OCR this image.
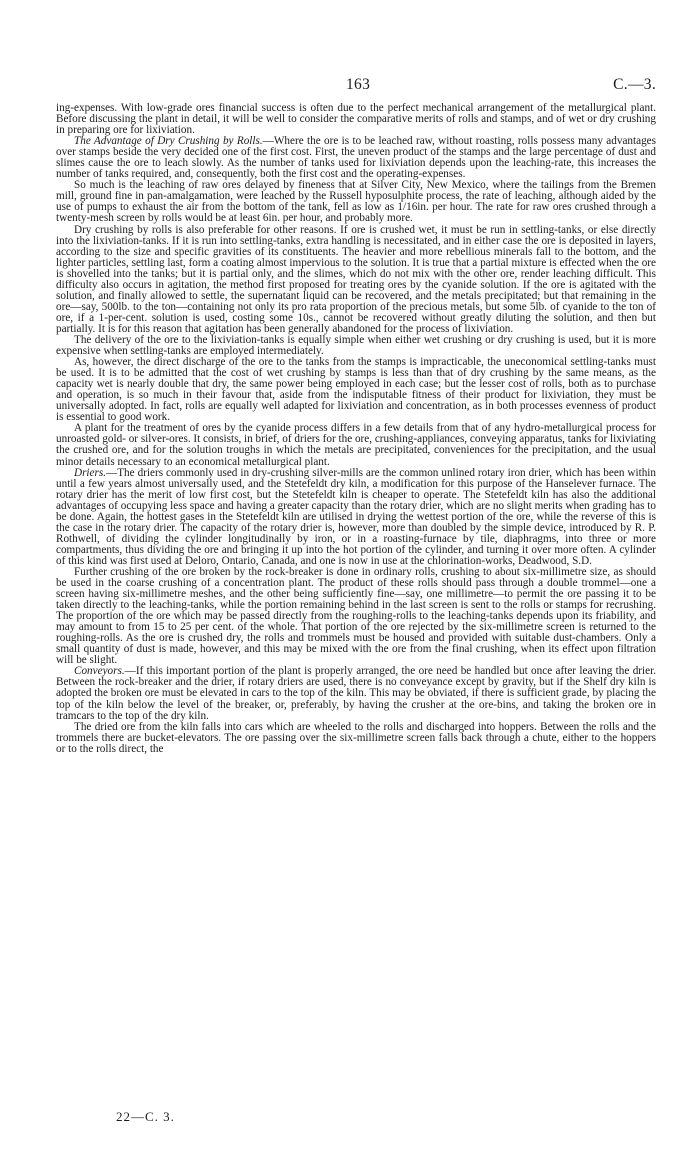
163	C.—3.

ing-expenses. With low-grade ores financial success is often due to the perfect mechanical arrangement of the metallurgical plant. Before discussing the plant in detail, it will be well to consider the comparative merits of rolls and stamps, and of wet or dry crushing in preparing ore for lixiviation.

The Advantage of Dry Crushing by Rolls.—Where the ore is to be leached raw, without roasting, rolls possess many advantages over stamps beside the very decided one of the first cost. First, the uneven product of the stamps and the large percentage of dust and slimes cause the ore to leach slowly. As the number of tanks used for lixiviation depends upon the leaching-rate, this increases the number of tanks required, and, consequently, both the first cost and the operating-expenses.

So much is the leaching of raw ores delayed by fineness that at Silver City, New Mexico, where the tailings from the Bremen mill, ground fine in pan-amalgamation, were leached by the Russell hyposulphite process, the rate of leaching, although aided by the use of pumps to exhaust the air from the bottom of the tank, fell as low as 1/16in. per hour. The rate for raw ores crushed through a twenty-mesh screen by rolls would be at least 6in. per hour, and probably more.

Dry crushing by rolls is also preferable for other reasons. If ore is crushed wet, it must be run in settling-tanks, or else directly into the lixiviation-tanks. If it is run into settling-tanks, extra handling is necessitated, and in either case the ore is deposited in layers, according to the size and specific gravities of its constituents. The heavier and more rebellious minerals fall to the bottom, and the lighter particles, settling last, form a coating almost impervious to the solution. It is true that a partial mixture is effected when the ore is shovelled into the tanks; but it is partial only, and the slimes, which do not mix with the other ore, render leaching difficult. This difficulty also occurs in agitation, the method first proposed for treating ores by the cyanide solution. If the ore is agitated with the solution, and finally allowed to settle, the supernatant liquid can be recovered, and the metals precipitated; but that remaining in the ore—say, 500lb. to the ton—containing not only its pro rata proportion of the precious metals, but some 5lb. of cyanide to the ton of ore, if a 1-per-cent. solution is used, costing some 10s., cannot be recovered without greatly diluting the solution, and then but partially. It is for this reason that agitation has been generally abandoned for the process of lixiviation.

The delivery of the ore to the lixiviation-tanks is equally simple when either wet crushing or dry crushing is used, but it is more expensive when settling-tanks are employed intermediately.

As, however, the direct discharge of the ore to the tanks from the stamps is impracticable, the uneconomical settling-tanks must be used. It is to be admitted that the cost of wet crushing by stamps is less than that of dry crushing by the same means, as the capacity wet is nearly double that dry, the same power being employed in each case; but the lesser cost of rolls, both as to purchase and operation, is so much in their favour that, aside from the indisputable fitness of their product for lixiviation, they must be universally adopted. In fact, rolls are equally well adapted for lixiviation and concentration, as in both processes evenness of product is essential to good work.

A plant for the treatment of ores by the cyanide process differs in a few details from that of any hydro-metallurgical process for unroasted gold- or silver-ores. It consists, in brief, of driers for the ore, crushing-appliances, conveying apparatus, tanks for lixiviating the crushed ore, and for the solution troughs in which the metals are precipitated, conveniences for the precipitation, and the usual minor details necessary to an economical metallurgical plant.

Driers.—The driers commonly used in dry-crushing silver-mills are the common unlined rotary iron drier, which has been within until a few years almost universally used, and the Stetefeldt dry kiln, a modification for this purpose of the Hanselever furnace. The rotary drier has the merit of low first cost, but the Stetefeldt kiln is cheaper to operate. The Stetefeldt kiln has also the additional advantages of occupying less space and having a greater capacity than the rotary drier, which are no slight merits when grading has to be done. Again, the hottest gases in the Stetefeldt kiln are utilised in drying the wettest portion of the ore, while the reverse of this is the case in the rotary drier. The capacity of the rotary drier is, however, more than doubled by the simple device, introduced by R. P. Rothwell, of dividing the cylinder longitudinally by iron, or in a roasting-furnace by tile, diaphragms, into three or more compartments, thus dividing the ore and bringing it up into the hot portion of the cylinder, and turning it over more often. A cylinder of this kind was first used at Deloro, Ontario, Canada, and one is now in use at the chlorination-works, Deadwood, S.D.

Further crushing of the ore broken by the rock-breaker is done in ordinary rolls, crushing to about six-millimetre size, as should be used in the coarse crushing of a concentration plant. The product of these rolls should pass through a double trommel—one a screen having six-millimetre meshes, and the other being sufficiently fine—say, one millimetre—to permit the ore passing it to be taken directly to the leaching-tanks, while the portion remaining behind in the last screen is sent to the rolls or stamps for recrushing. The proportion of the ore which may be passed directly from the roughing-rolls to the leaching-tanks depends upon its friability, and may amount to from 15 to 25 per cent. of the whole. That portion of the ore rejected by the six-millimetre screen is returned to the roughing-rolls. As the ore is crushed dry, the rolls and trommels must be housed and provided with suitable dust-chambers. Only a small quantity of dust is made, however, and this may be mixed with the ore from the final crushing, when its effect upon filtration will be slight.

Conveyors.—If this important portion of the plant is properly arranged, the ore need be handled but once after leaving the drier. Between the rock-breaker and the drier, if rotary driers are used, there is no conveyance except by gravity, but if the Shelf dry kiln is adopted the broken ore must be elevated in cars to the top of the kiln. This may be obviated, if there is sufficient grade, by placing the top of the kiln below the level of the breaker, or, preferably, by having the crusher at the ore-bins, and taking the broken ore in tramcars to the top of the dry kiln.

The dried ore from the kiln falls into cars which are wheeled to the rolls and discharged into hoppers. Between the rolls and the trommels there are bucket-elevators. The ore passing over the six-millimetre screen falls back through a chute, either to the hoppers or to the rolls direct, the

22—C. 3.
